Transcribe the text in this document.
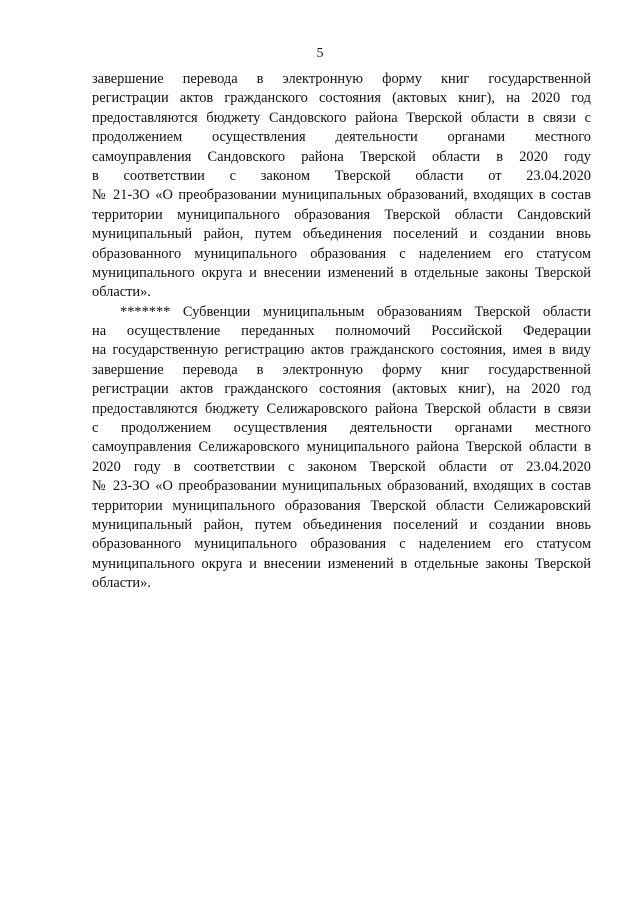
5
завершение перевода в электронную форму книг государственной
регистрации актов гражданского состояния (актовых книг), на 2020 год
предоставляются бюджету Сандовского района Тверской области в связи с
продолжением осуществления деятельности органами местного
самоуправления Сандовского района Тверской области в 2020 году
в соответствии с законом Тверской области от 23.04.2020
№ 21-ЗО «О преобразовании муниципальных образований, входящих в состав
территории муниципального образования Тверской области Сандовский
муниципальный район, путем объединения поселений и создании вновь
образованного муниципального образования с наделением его статусом
муниципального округа и внесении изменений в отдельные законы Тверской
области».
******* Субвенции муниципальным образованиям Тверской области
на осуществление переданных полномочий Российской Федерации
на государственную регистрацию актов гражданского состояния, имея в виду
завершение перевода в электронную форму книг государственной
регистрации актов гражданского состояния (актовых книг), на 2020 год
предоставляются бюджету Селижаровского района Тверской области в связи
с продолжением осуществления деятельности органами местного
самоуправления Селижаровского муниципального района Тверской области в
2020 году в соответствии с законом Тверской области от 23.04.2020
№ 23-ЗО «О преобразовании муниципальных образований, входящих в состав
территории муниципального образования Тверской области Селижаровский
муниципальный район, путем объединения поселений и создании вновь
образованного муниципального образования с наделением его статусом
муниципального округа и внесении изменений в отдельные законы Тверской
области».
